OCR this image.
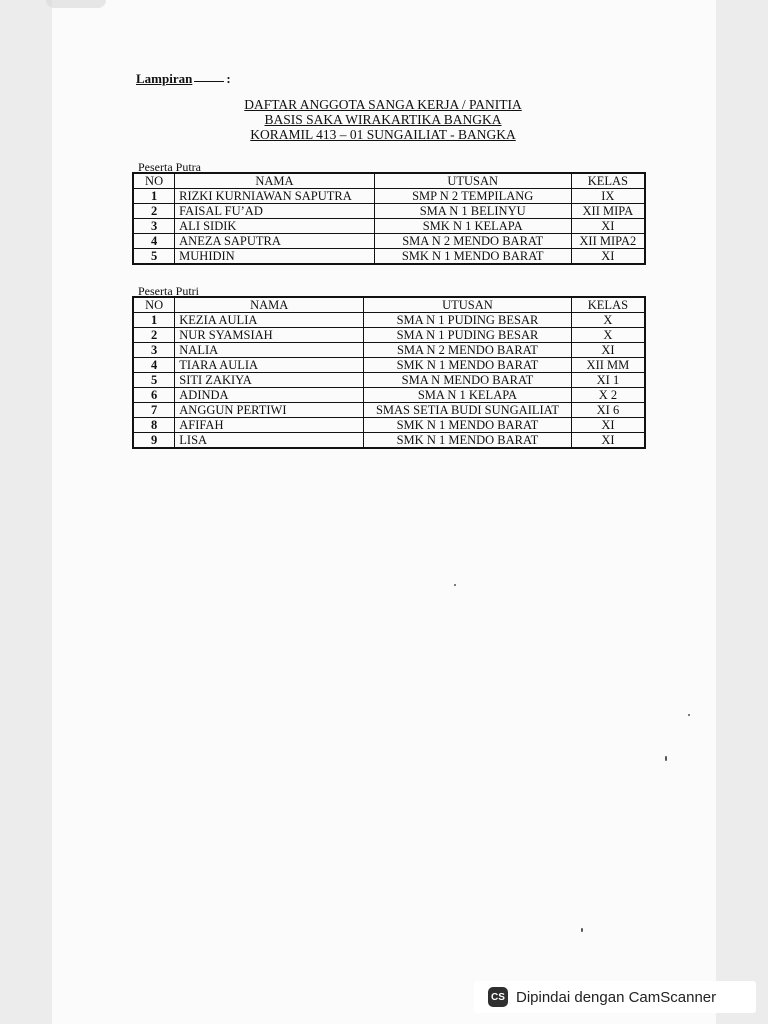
Lampiran	:
DAFTAR ANGGOTA SANGA KERJA / PANITIA
BASIS SAKA WIRAKARTIKA BANGKA
KORAMIL 413 – 01 SUNGAILIAT - BANGKA
Peserta Putra
NO	NAMA	UTUSAN	KELAS
1	RIZKI KURNIAWAN SAPUTRA	SMP N 2 TEMPILANG	IX
2	FAISAL FU’AD	SMA N 1 BELINYU	XII MIPA
3	ALI SIDIK	SMK N 1 KELAPA	XI
4	ANEZA SAPUTRA	SMA N 2 MENDO BARAT	XII MIPA2
5	MUHIDIN	SMK N 1 MENDO BARAT	XI
Peserta Putri
NO	NAMA	UTUSAN	KELAS
1	KEZIA AULIA	SMA N 1 PUDING BESAR	X
2	NUR SYAMSIAH	SMA N 1 PUDING BESAR	X
3	NALIA	SMA N 2 MENDO BARAT	XI
4	TIARA AULIA	SMK N 1 MENDO BARAT	XII MM
5	SITI ZAKIYA	SMA N MENDO BARAT	XI 1
6	ADINDA	SMA N 1 KELAPA	X 2
7	ANGGUN PERTIWI	SMAS SETIA BUDI SUNGAILIAT	XI 6
8	AFIFAH	SMK N 1 MENDO BARAT	XI
9	LISA	SMK N 1 MENDO BARAT	XI
CS Dipindai dengan CamScanner
